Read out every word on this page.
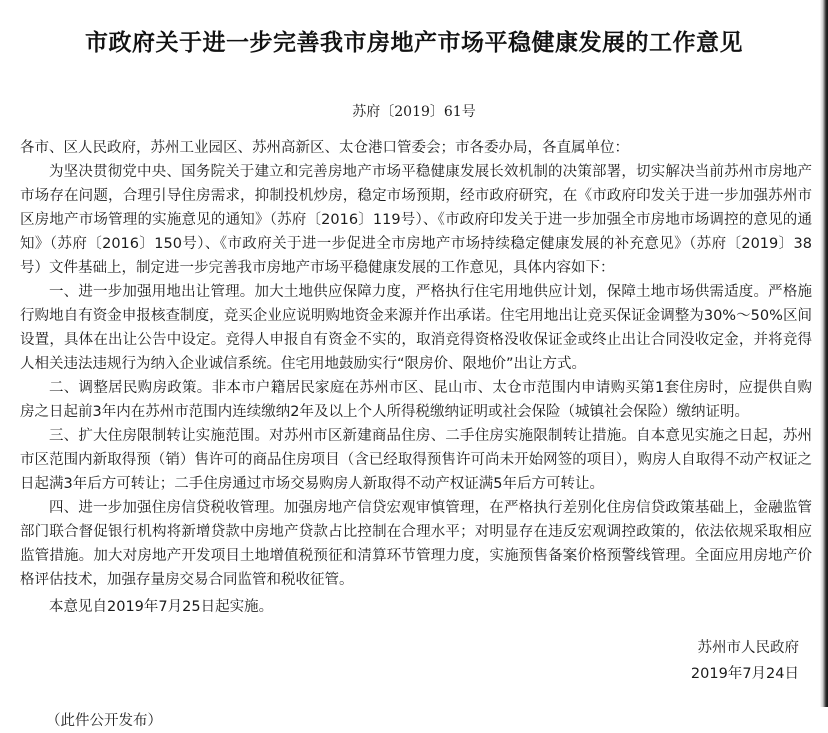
市政府关于进一步完善我市房地产市场平稳健康发展的工作意见
苏府〔2019〕61号

各市、区人民政府，苏州工业园区、苏州高新区、太仓港口管委会；市各委办局，各直属单位：

为坚决贯彻党中央、国务院关于建立和完善房地产市场平稳健康发展长效机制的决策部署，切实解决当前苏州市房地产市场存在问题，合理引导住房需求，抑制投机炒房，稳定市场预期，经市政府研究，在《市政府印发关于进一步加强苏州市区房地产市场管理的实施意见的通知》（苏府〔2016〕119号）、《市政府印发关于进一步加强全市房地市场调控的意见的通知》（苏府〔2016〕150号）、《市政府关于进一步促进全市房地产市场持续稳定健康发展的补充意见》（苏府〔2019〕38号）文件基础上，制定进一步完善我市房地产市场平稳健康发展的工作意见，具体内容如下：

一、进一步加强用地出让管理。加大土地供应保障力度，严格执行住宅用地供应计划，保障土地市场供需适度。严格施行购地自有资金申报核查制度，竞买企业应说明购地资金来源并作出承诺。住宅用地出让竞买保证金调整为30%～50%区间设置，具体在出让公告中设定。竞得人申报自有资金不实的，取消竞得资格没收保证金或终止出让合同没收定金，并将竞得人相关违法违规行为纳入企业诚信系统。住宅用地鼓励实行“限房价、限地价”出让方式。

二、调整居民购房政策。非本市户籍居民家庭在苏州市区、昆山市、太仓市范围内申请购买第1套住房时，应提供自购房之日起前3年内在苏州市范围内连续缴纳2年及以上个人所得税缴纳证明或社会保险（城镇社会保险）缴纳证明。

三、扩大住房限制转让实施范围。对苏州市区新建商品住房、二手住房实施限制转让措施。自本意见实施之日起，苏州市区范围内新取得预（销）售许可的商品住房项目（含已经取得预售许可尚未开始网签的项目），购房人自取得不动产权证之日起满3年后方可转让；二手住房通过市场交易购房人新取得不动产权证满5年后方可转让。

四、进一步加强住房信贷税收管理。加强房地产信贷宏观审慎管理，在严格执行差别化住房信贷政策基础上，金融监管部门联合督促银行机构将新增贷款中房地产贷款占比控制在合理水平；对明显存在违反宏观调控政策的，依法依规采取相应监管措施。加大对房地产开发项目土地增值税预征和清算环节管理力度，实施预售备案价格预警线管理。全面应用房地产价格评估技术，加强存量房交易合同监管和税收征管。

本意见自2019年7月25日起实施。

苏州市人民政府
2019年7月24日

（此件公开发布）
